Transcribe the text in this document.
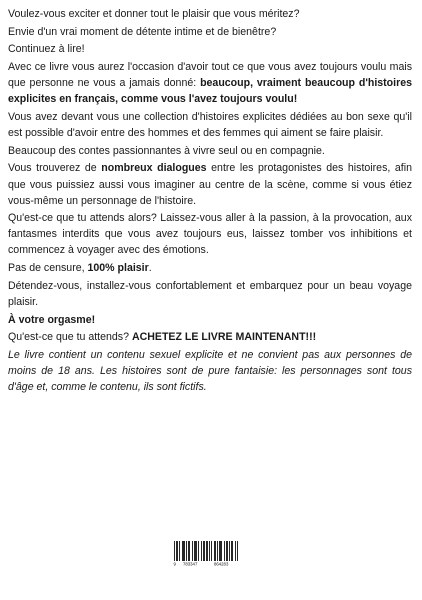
Voulez-vous exciter et donner tout le plaisir que vous méritez?

Envie d'un vrai moment de détente intime et de bienêtre?

Continuez à lire!

Avec ce livre vous aurez l'occasion d'avoir tout ce que vous avez toujours voulu mais que personne ne vous a jamais donné: beaucoup, vraiment beaucoup d'histoires explicites en français, comme vous l'avez toujours voulu!

Vous avez devant vous une collection d'histoires explicites dédiées au bon sexe qu'il est possible d'avoir entre des hommes et des femmes qui aiment se faire plaisir.

Beaucoup des contes passionnantes à vivre seul ou en compagnie.

Vous trouverez de nombreux dialogues entre les protagonistes des histoires, afin que vous puissiez aussi vous imaginer au centre de la scène, comme si vous étiez vous-même un personnage de l'histoire.

Qu'est-ce que tu attends alors? Laissez-vous aller à la passion, à la provocation, aux fantasmes interdits que vous avez toujours eus, laissez tomber vos inhibitions et commencez à voyager avec des émotions.

Pas de censure, 100% plaisir.

Détendez-vous, installez-vous confortablement et embarquez pour un beau voyage plaisir.

À votre orgasme!

Qu'est-ce que tu attends? ACHETEZ LE LIVRE MAINTENANT!!!

Le livre contient un contenu sexuel explicite et ne convient pas aux personnes de moins de 18 ans. Les histoires sont de pure fantaisie: les personnages sont tous d'âge et, comme le contenu, ils sont fictifs.

9 783347	864283
